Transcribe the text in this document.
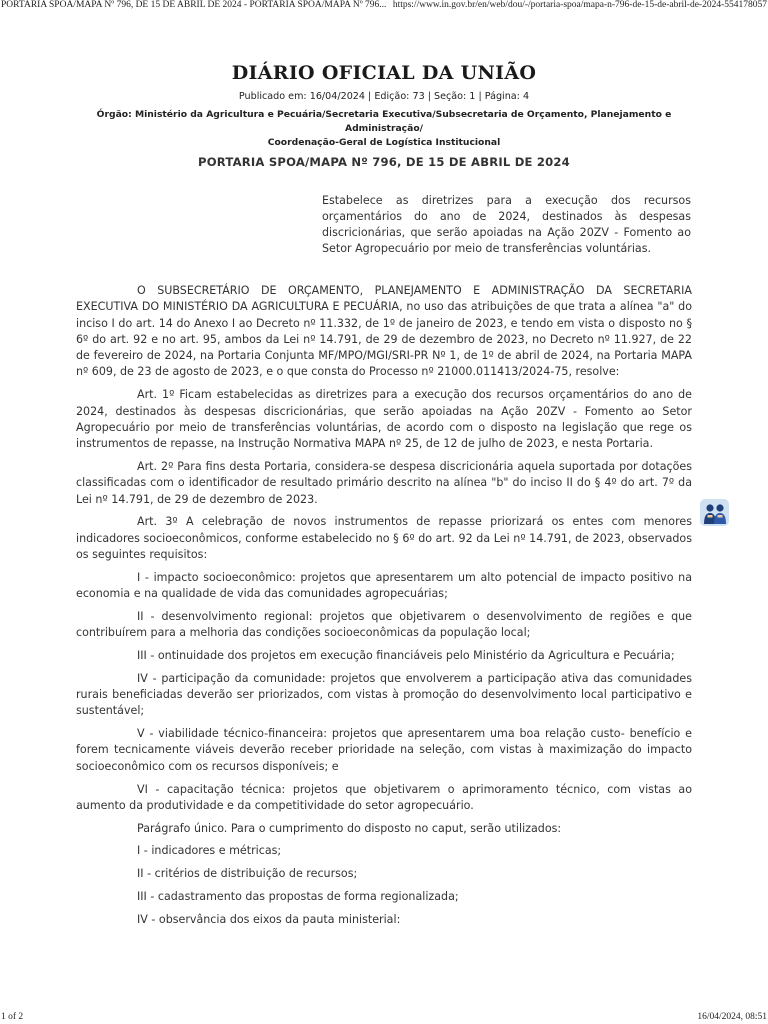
PORTARIA SPOA/MAPA Nº 796, DE 15 DE ABRIL DE 2024 - PORTARIA SPOA/MAPA Nº 796... https://www.in.gov.br/en/web/dou/-/portaria-spoa/mapa-n-796-de-15-de-abril-de-2024-554178057
DIÁRIO OFICIAL DA UNIÃO
Publicado em: 16/04/2024 | Edição: 73 | Seção: 1 | Página: 4
Órgão: Ministério da Agricultura e Pecuária/Secretaria Executiva/Subsecretaria de Orçamento, Planejamento e Administração/
Coordenação-Geral de Logística Institucional
PORTARIA SPOA/MAPA Nº 796, DE 15 DE ABRIL DE 2024
Estabelece as diretrizes para a execução dos recursos orçamentários do ano de 2024, destinados às despesas discricionárias, que serão apoiadas na Ação 20ZV - Fomento ao Setor Agropecuário por meio de transferências voluntárias.

O SUBSECRETÁRIO DE ORÇAMENTO, PLANEJAMENTO E ADMINISTRAÇÃO DA SECRETARIA EXECUTIVA DO MINISTÉRIO DA AGRICULTURA E PECUÁRIA, no uso das atribuições de que trata a alínea "a" do inciso I do art. 14 do Anexo I ao Decreto nº 11.332, de 1º de janeiro de 2023, e tendo em vista o disposto no § 6º do art. 92 e no art. 95, ambos da Lei nº 14.791, de 29 de dezembro de 2023, no Decreto nº 11.927, de 22 de fevereiro de 2024, na Portaria Conjunta MF/MPO/MGI/SRI-PR Nº 1, de 1º de abril de 2024, na Portaria MAPA nº 609, de 23 de agosto de 2023, e o que consta do Processo nº 21000.011413/2024-75, resolve:

Art. 1º Ficam estabelecidas as diretrizes para a execução dos recursos orçamentários do ano de 2024, destinados às despesas discricionárias, que serão apoiadas na Ação 20ZV - Fomento ao Setor Agropecuário por meio de transferências voluntárias, de acordo com o disposto na legislação que rege os instrumentos de repasse, na Instrução Normativa MAPA nº 25, de 12 de julho de 2023, e nesta Portaria.

Art. 2º Para fins desta Portaria, considera-se despesa discricionária aquela suportada por dotações classificadas com o identificador de resultado primário descrito na alínea "b" do inciso II do § 4º do art. 7º da Lei nº 14.791, de 29 de dezembro de 2023.

Art. 3º A celebração de novos instrumentos de repasse priorizará os entes com menores indicadores socioeconômicos, conforme estabelecido no § 6º do art. 92 da Lei nº 14.791, de 2023, observados os seguintes requisitos:

I - impacto socioeconômico: projetos que apresentarem um alto potencial de impacto positivo na economia e na qualidade de vida das comunidades agropecuárias;

II - desenvolvimento regional: projetos que objetivarem o desenvolvimento de regiões e que contribuírem para a melhoria das condições socioeconômicas da população local;

III - ontinuidade dos projetos em execução financiáveis pelo Ministério da Agricultura e Pecuária;

IV - participação da comunidade: projetos que envolverem a participação ativa das comunidades rurais beneficiadas deverão ser priorizados, com vistas à promoção do desenvolvimento local participativo e sustentável;

V - viabilidade técnico-financeira: projetos que apresentarem uma boa relação custo- benefício e forem tecnicamente viáveis deverão receber prioridade na seleção, com vistas à maximização do impacto socioeconômico com os recursos disponíveis; e

VI - capacitação técnica: projetos que objetivarem o aprimoramento técnico, com vistas ao aumento da produtividade e da competitividade do setor agropecuário.

Parágrafo único. Para o cumprimento do disposto no caput, serão utilizados:

I - indicadores e métricas;

II - critérios de distribuição de recursos;

III - cadastramento das propostas de forma regionalizada;

IV - observância dos eixos da pauta ministerial:

1 of 2	16/04/2024, 08:51
